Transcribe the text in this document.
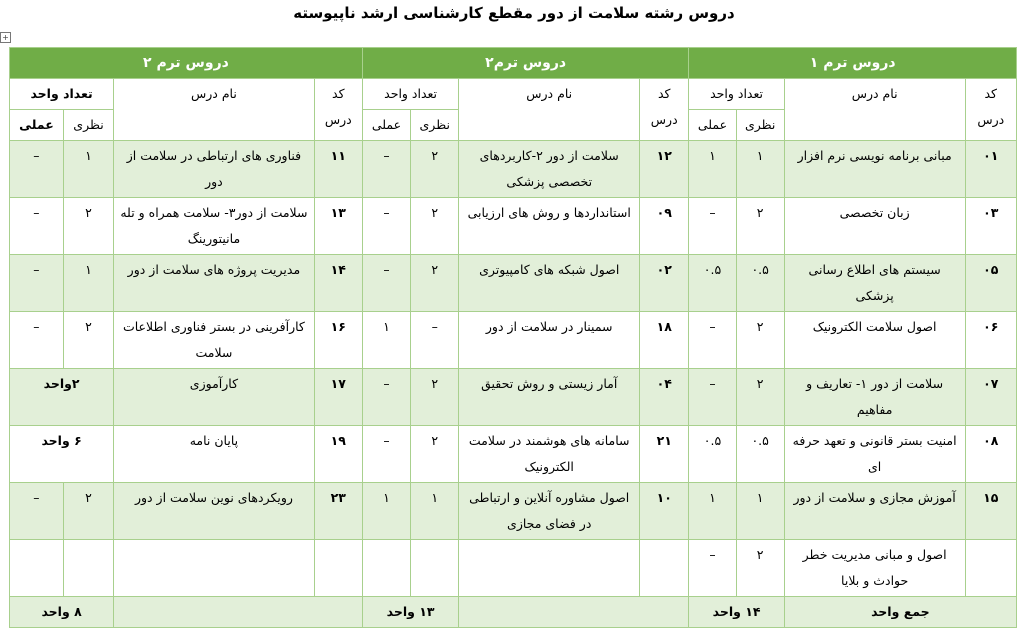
دروس رشته سلامت از دور مقطع کارشناسی ارشد ناپیوسته
+
دروس ترم ۱				دروس ترم۲				دروس ترم ۲			
کد
درس	نام درس	تعداد واحد		کد
درس	نام درس	تعداد واحد		کد
درس	نام درس	تعداد واحد	
		نظری	عملی			نظری	عملی			نظری	عملی
۰۱	مبانی برنامه نویسی نرم افزار	۱	۱	۱۲	سلامت از دور ۲-کاربردهای تخصصی پزشکی	۲	–	۱۱	فناوری های ارتباطی در سلامت از دور	۱	–
۰۳	زبان تخصصی	۲	–	۰۹	استانداردها و روش های ارزیابی	۲	–	۱۳	سلامت از دور۳- سلامت همراه و تله مانیتورینگ	۲	–
۰۵	سیستم های اطلاع رسانی پزشکی	۰.۵	۰.۵	۰۲	اصول شبکه های کامپیوتری	۲	–	۱۴	مدیریت پروژه های سلامت از دور	۱	–
۰۶	اصول سلامت الکترونیک	۲	–	۱۸	سمینار در سلامت از دور	–	۱	۱۶	کارآفرینی در بستر فناوری اطلاعات سلامت	۲	–
۰۷	سلامت از دور ۱- تعاریف و مفاهیم	۲	–	۰۴	آمار زیستی و روش تحقیق	۲	–	۱۷	کارآموزی	۲واحد	
۰۸	امنیت بستر قانونی و تعهد حرفه ای	۰.۵	۰.۵	۲۱	سامانه های هوشمند در سلامت الکترونیک	۲	–	۱۹	پایان نامه	۶ واحد	
۱۵	آموزش مجازی و سلامت از دور	۱	۱	۱۰	اصول مشاوره آنلاین و ارتباطی در فضای مجازی	۱	۱	۲۳	رویکردهای نوین سلامت از دور	۲	–
	اصول و مبانی مدیریت خطر حوادث و بلایا	۲	–								
جمع واحد		۱۴ واحد				۱۳ واحد				۸ واحد	
